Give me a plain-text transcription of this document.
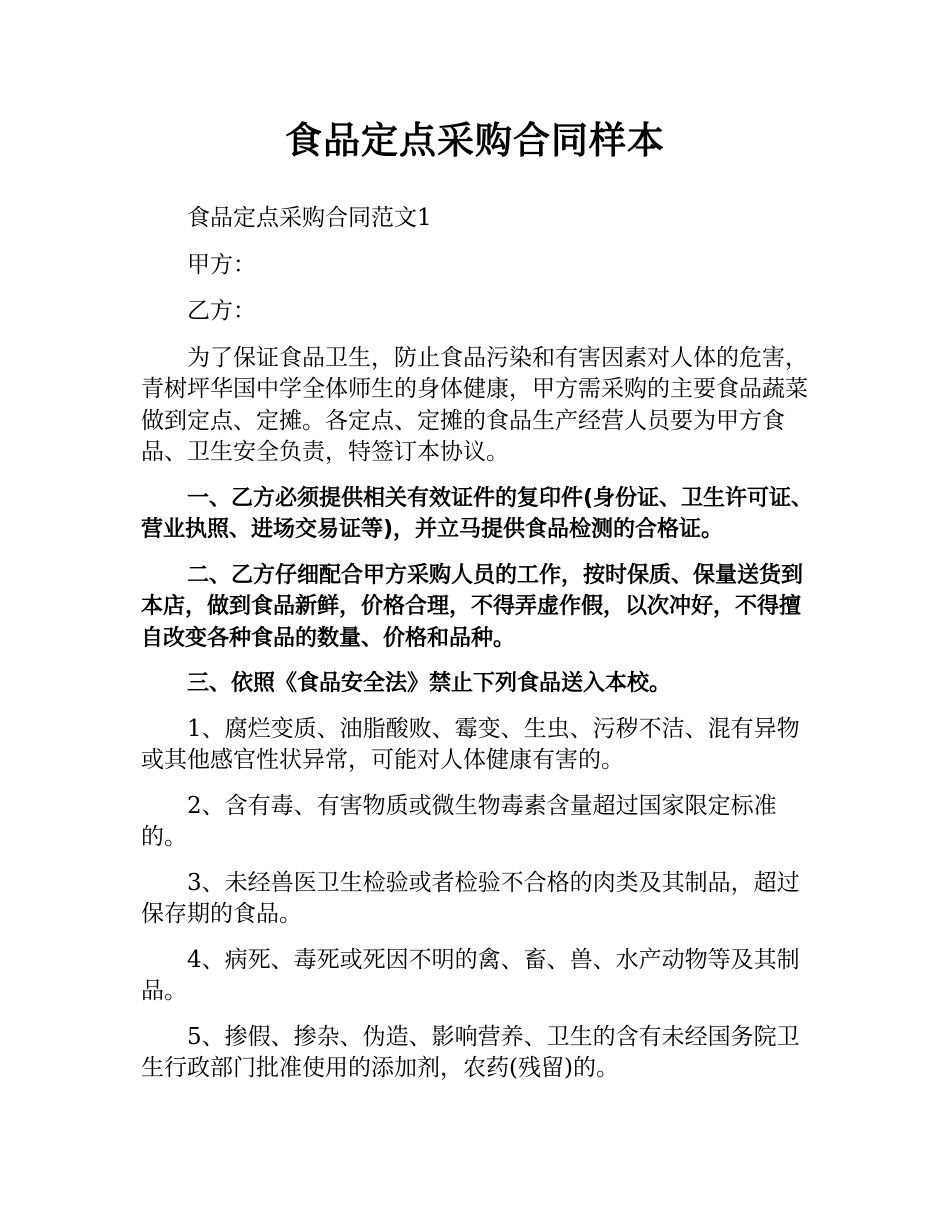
食品定点采购合同样本

食品定点采购合同范文1

甲方：

乙方：

为了保证食品卫生，防止食品污染和有害因素对人体的危害，青树坪华国中学全体师生的身体健康，甲方需采购的主要食品蔬菜做到定点、定摊。各定点、定摊的食品生产经营人员要为甲方食品、卫生安全负责，特签订本协议。

一、乙方必须提供相关有效证件的复印件(身份证、卫生许可证、营业执照、进场交易证等)，并立马提供食品检测的合格证。

二、乙方仔细配合甲方采购人员的工作，按时保质、保量送货到本店，做到食品新鲜，价格合理，不得弄虚作假，以次冲好，不得擅自改变各种食品的数量、价格和品种。

三、依照《食品安全法》禁止下列食品送入本校。

1、腐烂变质、油脂酸败、霉变、生虫、污秽不洁、混有异物或其他感官性状异常，可能对人体健康有害的。

2、含有毒、有害物质或微生物毒素含量超过国家限定标准的。

3、未经兽医卫生检验或者检验不合格的肉类及其制品，超过保存期的食品。

4、病死、毒死或死因不明的禽、畜、兽、水产动物等及其制品。

5、掺假、掺杂、伪造、影响营养、卫生的含有未经国务院卫生行政部门批准使用的添加剂，农药(残留)的。
